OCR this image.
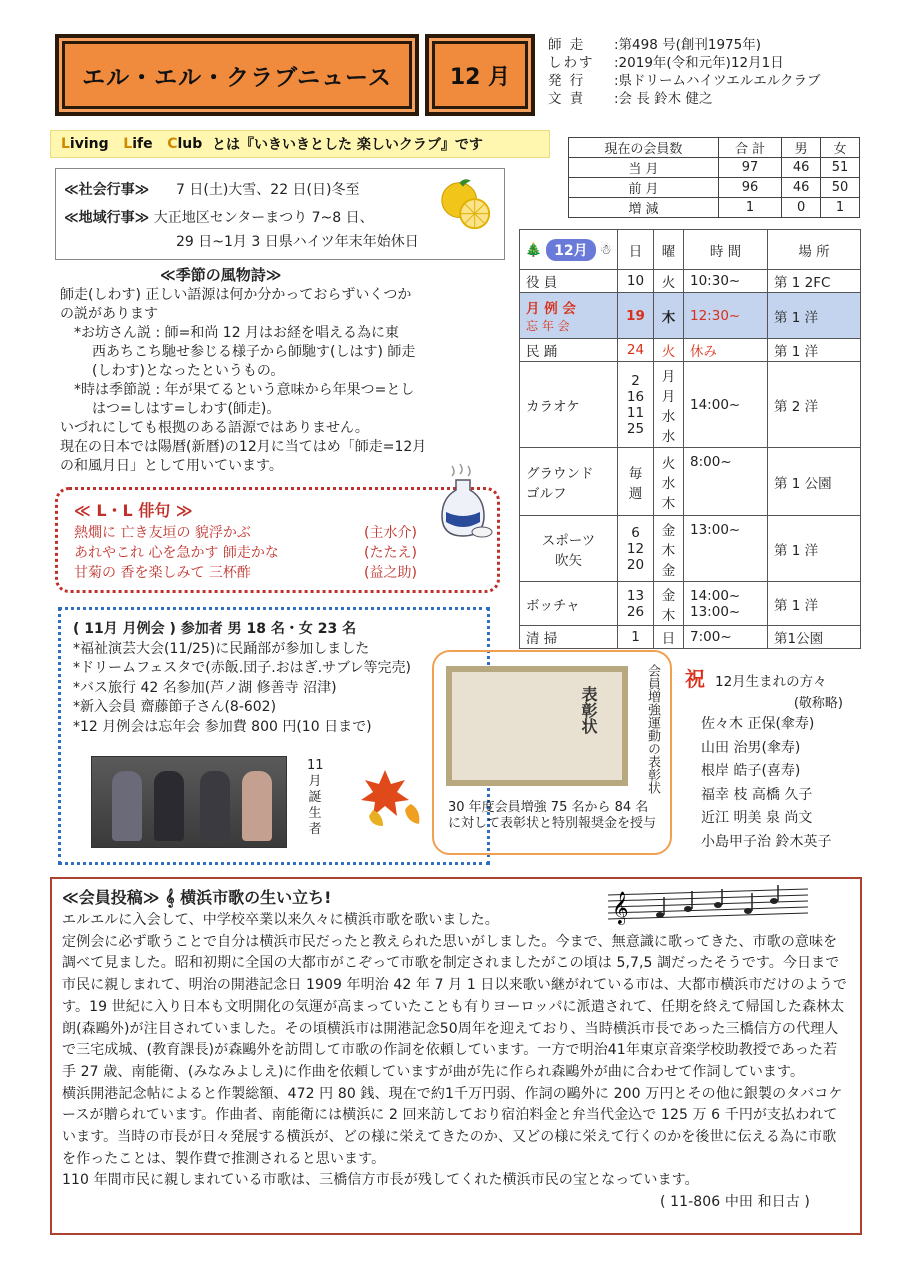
エル・エル・クラブニュース	12 月
師 走	:第498 号(創刊1975年)
しわす	:2019年(令和元年)12月1日
発 行	:県ドリームハイツエルエルクラブ
文 責	:会 長 鈴木 健之
L iving
L ife
C lub
とは『いきいきとした 楽しいクラブ』です	現在の会員数	合 計	男	女
当 月	97	46	51
前 月	96	46	50
増 減	1	0	1
≪社会行事≫ 7 日(土)大雪、22 日(日)冬至
≪地域行事≫ 大正地区センターまつり 7~8 日、
29 日~1月 3 日県ハイツ年末年始休日
≪季節の風物詩≫

師走(しわす) 正しい語源は何か分かっておらずいくつか

の説があります

*お坊さん説 : 師=和尚 12 月はお経を唱える為に東

西あちこち馳せ参じる様子から師馳す(しはす) 師走

(しわす)となったというもの。

*時は季節説 : 年が果てるという意味から年果つ=とし

はつ=しはす=しわす(師走)。

いづれにしても根拠のある語源ではありません。

現在の日本では陽暦(新暦)の12月に当てはめ「師走=12月

の和風月日」として用いています。

≪ L・L 俳句 ≫
熱燗に 亡き友垣の 貌浮かぶ	(主水介)
あれやこれ 心を急かす 師走かな	(たたえ)
甘菊の 香を楽しみて 三杯酢	(益之助)
( 11月 月例会 ) 参加者 男 18 名・女 23 名
*福祉演芸大会(11/25)に民踊部が参加しました
*ドリームフェスタで(赤飯.団子.おはぎ.サブレ等完売)
*バス旅行 42 名参加(芦ノ湖 修善寺 沼津)
*新入会員 齋藤節子さん(8-602)
*12 月例会は忘年会 参加費 800 円(10 日まで)
11月誕生者
表彰状	会員増強運動の表彰状
30 年度会員増強 75 名から 84 名に対して表彰状と特別報奨金を授与
🎄 12月 ☃	日	曜	時 間	場 所
役 員	10	火	10:30~	第 1 2FC

月 例 会
忘 年 会	19	木	12:30~	第 1 洋
民 踊	24	火	休み	第 1 洋
カラオケ	2
16
11
25	月
月
水
水	14:00~	第 2 洋
グラウンド
ゴルフ	毎
週	火
水
木	8:00~	第 1 公園
スポーツ
吹矢	6
12
20	金
木
金	13:00~	第 1 洋
ボッチャ	13
26	金
木	14:00~
13:00~	第 1 洋
清 掃	1	日	7:00~	第1公園
祝 12月生まれの方々
(敬称略)
佐々木 正保(傘寿)
山田 治男(傘寿)
根岸 皓子(喜寿)
福幸 枝 高橋 久子
近江 明美 泉 尚文
小島甲子治 鈴木英子
≪会員投稿≫ 𝄞 横浜市歌の生い立ち!	𝄞

エルエルに入会して、中学校卒業以来久々に横浜市歌を歌いました。

定例会に必ず歌うことで自分は横浜市民だったと教えられた思いがしました。今まで、無意識に歌ってきた、市歌の意味を調べて見ました。昭和初期に全国の大都市がこぞって市歌を制定されましたがこの頃は 5,7,5 調だったそうです。今日まで市民に親しまれて、明治の開港記念日 1909 年明治 42 年 7 月 1 日以来歌い継がれている市は、大都市横浜市だけのようです。19 世紀に入り日本も文明開化の気運が高まっていたことも有りヨーロッパに派遣されて、任期を終えて帰国した森林太朗(森鷗外)が注目されていました。その頃横浜市は開港記念50周年を迎えており、当時横浜市長であった三橋信方の代理人で三宅成城、(教育課長)が森鷗外を訪問して市歌の作詞を依頼しています。一方で明治41年東京音楽学校助教授であった若手 27 歳、南能衛、(みなみよしえ)に作曲を依頼していますが曲が先に作られ森鷗外が曲に合わせて作詞しています。

横浜開港記念帖によると作製総額、472 円 80 銭、現在で約1千万円弱、作詞の鷗外に 200 万円とその他に銀製のタバコケースが贈られています。作曲者、南能衛には横浜に 2 回来訪しており宿泊料金と弁当代金込で 125 万 6 千円が支払われています。当時の市長が日々発展する横浜が、どの様に栄えてきたのか、又どの様に栄えて行くのかを後世に伝える為に市歌を作ったことは、製作費で推測されると思います。

110 年間市民に親しまれている市歌は、三橋信方市長が残してくれた横浜市民の宝となっています。

( 11-806 中田 和日古 )
